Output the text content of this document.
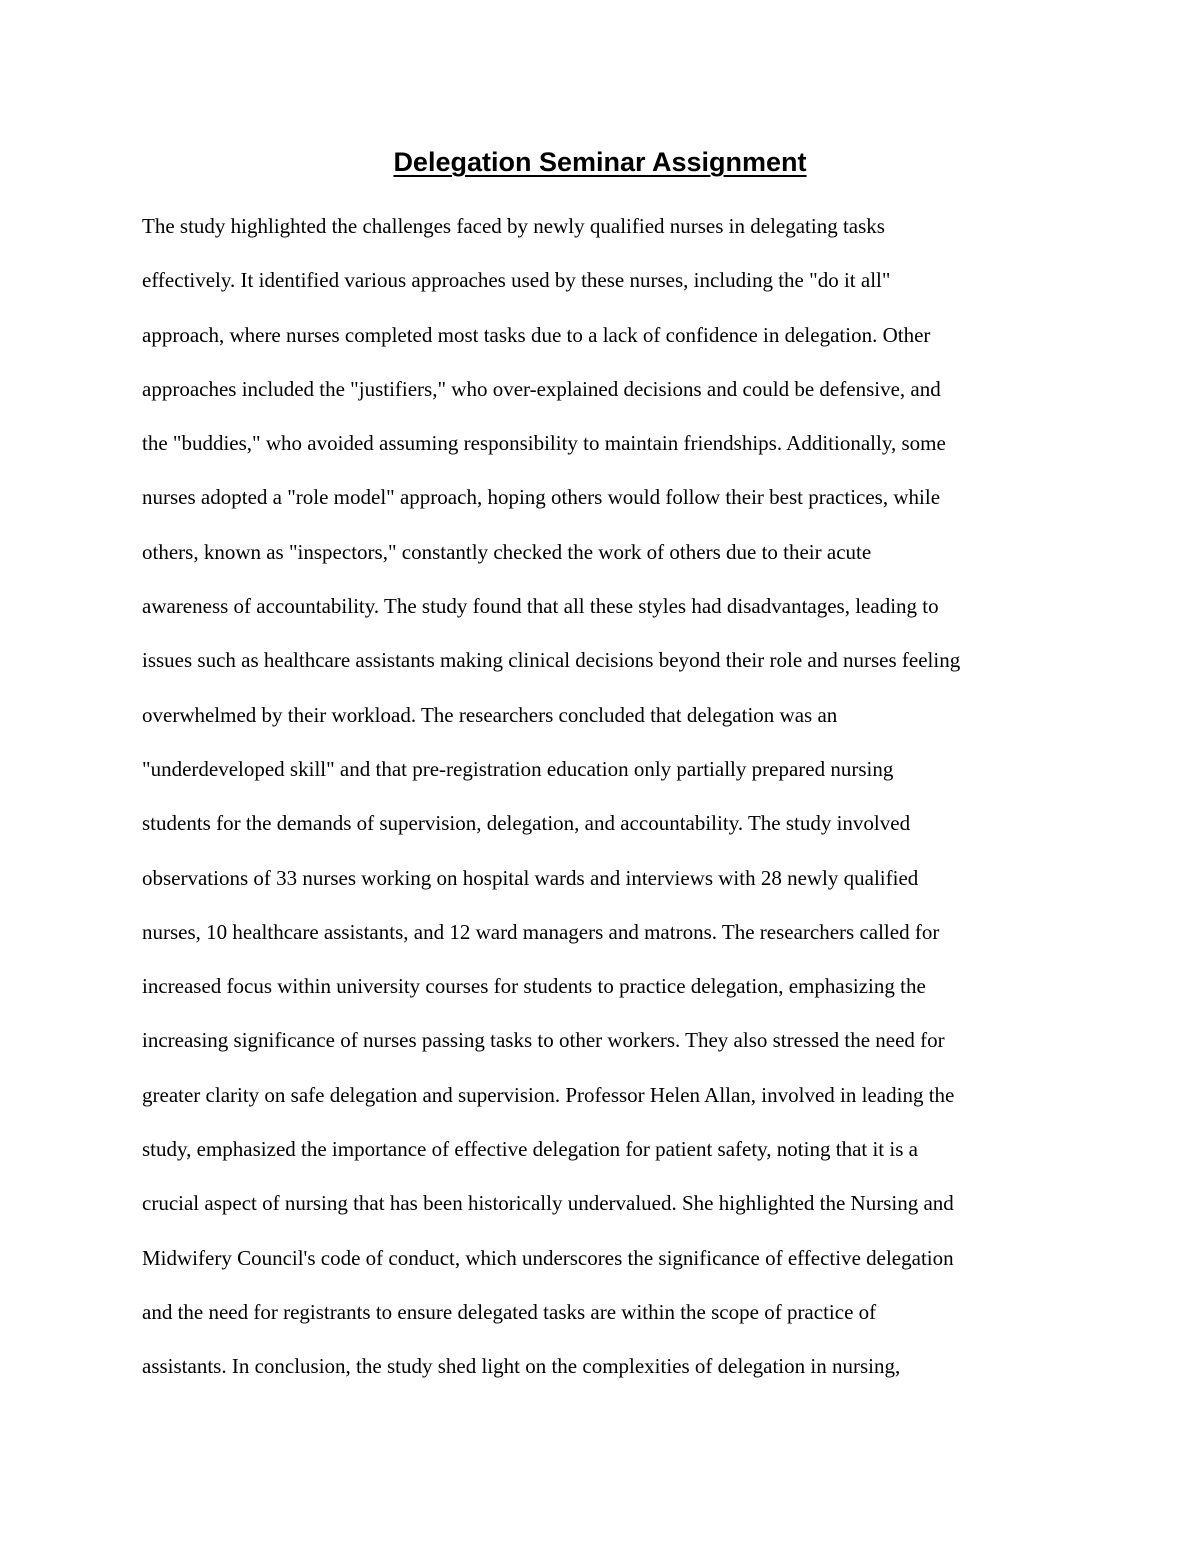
Delegation Seminar Assignment
The study highlighted the challenges faced by newly qualified nurses in delegating tasks
effectively. It identified various approaches used by these nurses, including the "do it all"
approach, where nurses completed most tasks due to a lack of confidence in delegation. Other
approaches included the "justifiers," who over-explained decisions and could be defensive, and
the "buddies," who avoided assuming responsibility to maintain friendships. Additionally, some
nurses adopted a "role model" approach, hoping others would follow their best practices, while
others, known as "inspectors," constantly checked the work of others due to their acute
awareness of accountability. The study found that all these styles had disadvantages, leading to
issues such as healthcare assistants making clinical decisions beyond their role and nurses feeling
overwhelmed by their workload. The researchers concluded that delegation was an
"underdeveloped skill" and that pre-registration education only partially prepared nursing
students for the demands of supervision, delegation, and accountability. The study involved
observations of 33 nurses working on hospital wards and interviews with 28 newly qualified
nurses, 10 healthcare assistants, and 12 ward managers and matrons. The researchers called for
increased focus within university courses for students to practice delegation, emphasizing the
increasing significance of nurses passing tasks to other workers. They also stressed the need for
greater clarity on safe delegation and supervision. Professor Helen Allan, involved in leading the
study, emphasized the importance of effective delegation for patient safety, noting that it is a
crucial aspect of nursing that has been historically undervalued. She highlighted the Nursing and
Midwifery Council's code of conduct, which underscores the significance of effective delegation
and the need for registrants to ensure delegated tasks are within the scope of practice of
assistants. In conclusion, the study shed light on the complexities of delegation in nursing,
